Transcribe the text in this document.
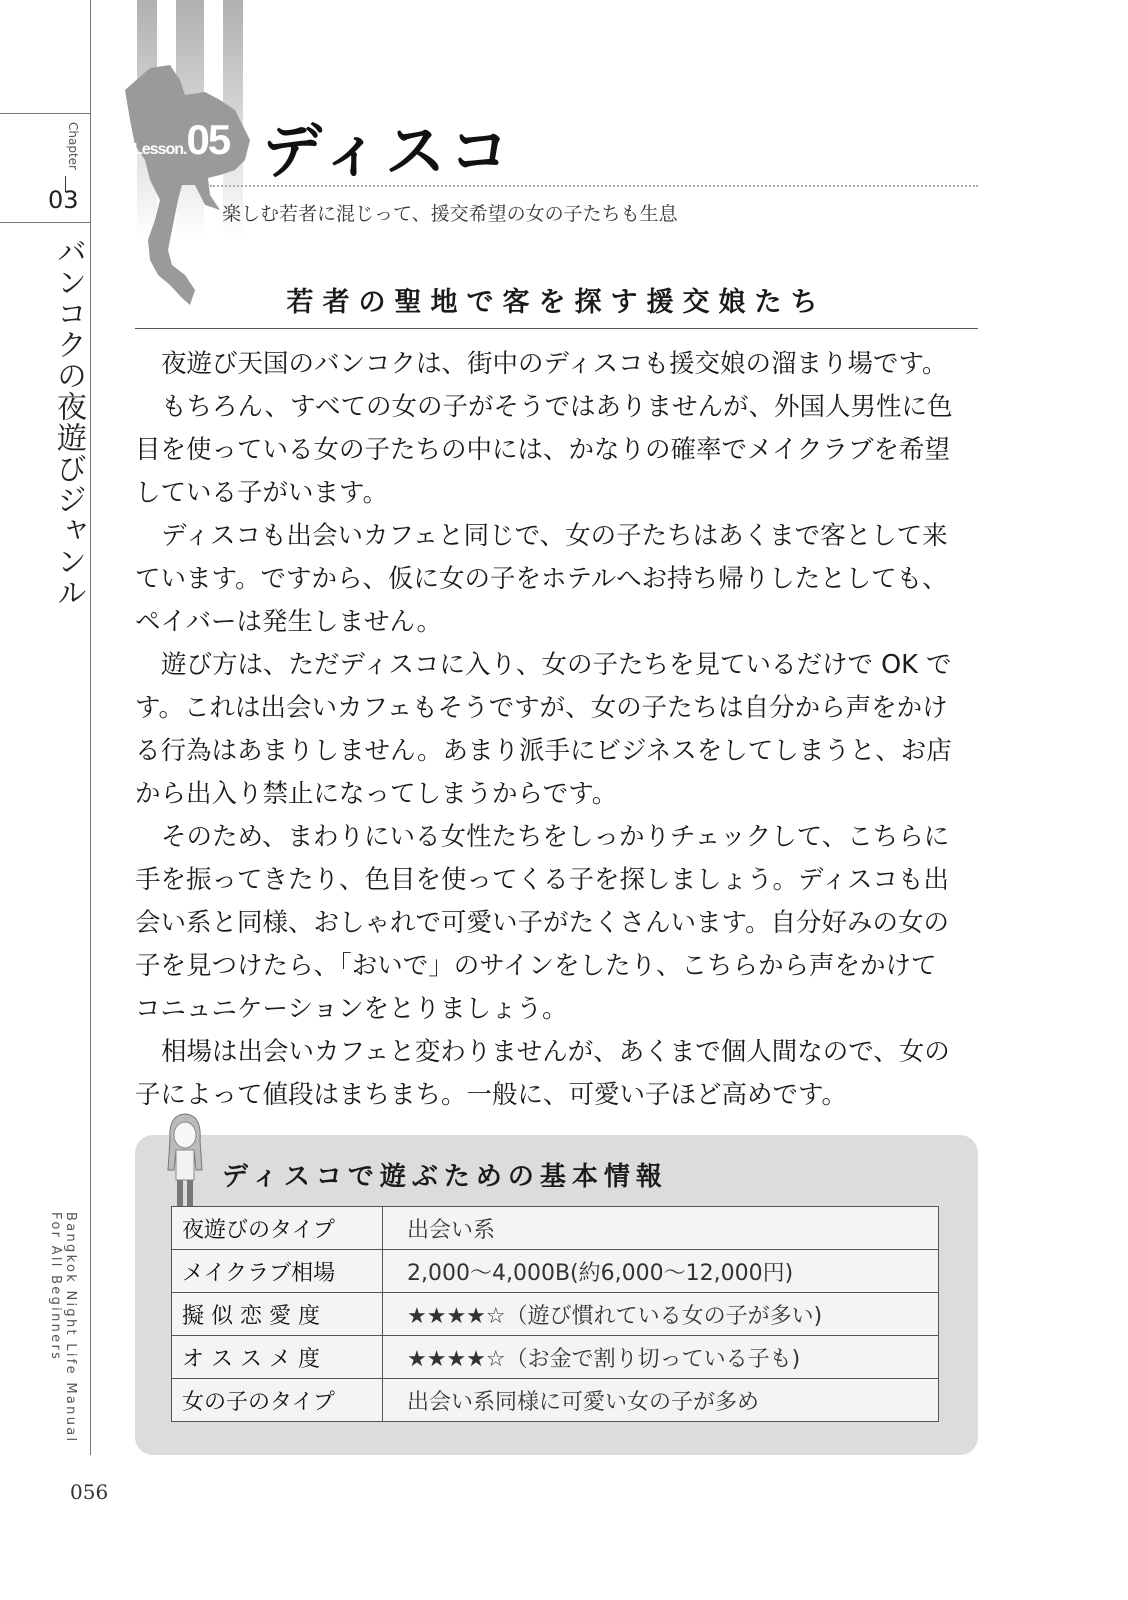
Chapter
03
バンコクの夜遊びジャンル
Bangkok Night Life Manual
For All Beginners
056
Lesson.05 ディスコ
楽しむ若者に混じって、援交希望の女の子たちも生息
若者の聖地で客を探す援交娘たち
夜遊び天国のバンコクは、街中のディスコも援交娘の溜まり場です。
もちろん、すべての女の子がそうではありませんが、外国人男性に色
目を使っている女の子たちの中には、かなりの確率でメイクラブを希望
している子がいます。
ディスコも出会いカフェと同じで、女の子たちはあくまで客として来
ています。ですから、仮に女の子をホテルへお持ち帰りしたとしても、
ペイバーは発生しません。
遊び方は、ただディスコに入り、女の子たちを見ているだけで OK で
す。これは出会いカフェもそうですが、女の子たちは自分から声をかけ
る行為はあまりしません。あまり派手にビジネスをしてしまうと、お店
から出入り禁止になってしまうからです。
そのため、まわりにいる女性たちをしっかりチェックして、こちらに
手を振ってきたり、色目を使ってくる子を探しましょう。ディスコも出
会い系と同様、おしゃれで可愛い子がたくさんいます。自分好みの女の
子を見つけたら、「おいで」のサインをしたり、こちらから声をかけて
コニュニケーションをとりましょう。
相場は出会いカフェと変わりませんが、あくまで個人間なので、女の
子によって値段はまちまち。一般に、可愛い子ほど高めです。
ディスコで遊ぶための基本情報
夜遊びのタイプ	出会い系
メイクラブ相場	2,000〜4,000B(約6,000〜12,000円)
擬 似 恋 愛 度	★★★★☆（遊び慣れている女の子が多い)
オ ス ス メ 度	★★★★☆（お金で割り切っている子も)
女の子のタイプ	出会い系同様に可愛い女の子が多め
